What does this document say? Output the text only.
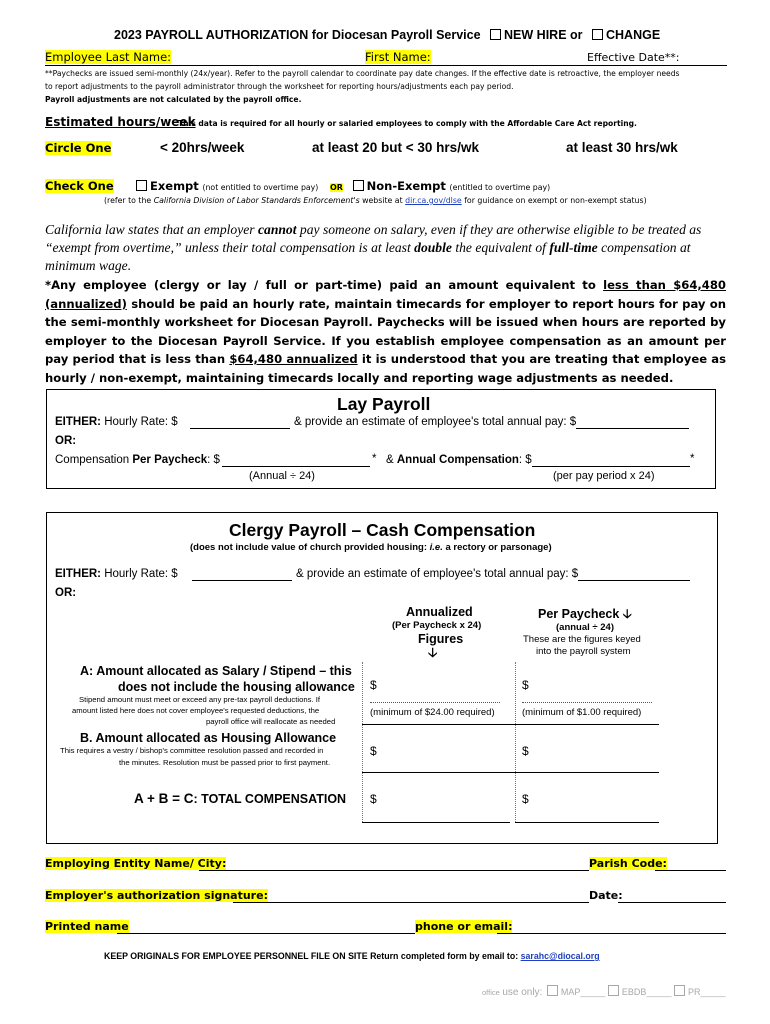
2023 PAYROLL AUTHORIZATION for Diocesan Payroll Service NEW HIRE or CHANGE
Employee Last Name:	First Name:	Effective Date**:
**Paychecks are issued semi-monthly (24x/year). Refer to the payroll calendar to coordinate pay date changes. If the effective date is retroactive, the employer needs
to report adjustments to the payroll administrator through the worksheet for reporting hours/adjustments each pay period.
Payroll adjustments are not calculated by the payroll office.
Estimated hours/week
This data is required for all hourly or salaried employees to comply with the Affordable Care Act reporting.
Circle One	< 20hrs/week	at least 20 but < 30 hrs/wk	at least 30 hrs/wk
Check One	Exempt (not entitled to overtime pay) OR Non-Exempt (entitled to overtime pay)
(refer to the California Division of Labor Standards Enforcement's website at dir.ca.gov/dlse for guidance on exempt or non-exempt status)
California law states that an employer cannot pay someone on salary, even if they are otherwise eligible to be treated as “exempt from overtime,” unless their total compensation is at least double the equivalent of full-time compensation at minimum wage.
*Any employee (clergy or lay / full or part-time) paid an amount equivalent to less than $64,480 (annualized) should be paid an hourly rate, maintain timecards for employer to report hours for pay on the semi-monthly worksheet for Diocesan Payroll. Paychecks will be issued when hours are reported by employer to the Diocesan Payroll Service. If you establish employee compensation as an amount per pay period that is less than $64,480 annualized it is understood that you are treating that employee as hourly / non-exempt, maintaining timecards locally and reporting wage adjustments as needed.
Lay Payroll
EITHER: Hourly Rate: $	& provide an estimate of employee's total annual pay: $
OR:
Compensation Per Paycheck: $	* & Annual Compensation: $	*
(Annual ÷ 24)	(per pay period x 24)
Clergy Payroll – Cash Compensation
(does not include value of church provided housing: i.e. a rectory or parsonage)
EITHER: Hourly Rate: $	& provide an estimate of employee's total annual pay: $
OR:
Annualized
(Per Paycheck x 24)
Figures
🡣
Per Paycheck 🡣
(annual ÷ 24)
These are the figures keyed
into the payroll system
A: Amount allocated as Salary / Stipend – this
does not include the housing allowance
Stipend amount must meet or exceed any pre-tax payroll deductions. If
amount listed here does not cover employee's requested deductions, the
payroll office will reallocate as needed
$	$
(minimum of $24.00 required)	(minimum of $1.00 required)
B. Amount allocated as Housing Allowance
This requires a vestry / bishop's committee resolution passed and recorded in
the minutes. Resolution must be passed prior to first payment.
$	$
A + B = C: TOTAL COMPENSATION $	$
Employing Entity Name/ City:	Parish Code:
Employer's authorization signature:	Date:
Printed name	phone or email:
KEEP ORIGINALS FOR EMPLOYEE PERSONNEL FILE ON SITE Return completed form by email to: sarahc@diocal.org
office use only: MAP_____ EBDB_____ PR_____
